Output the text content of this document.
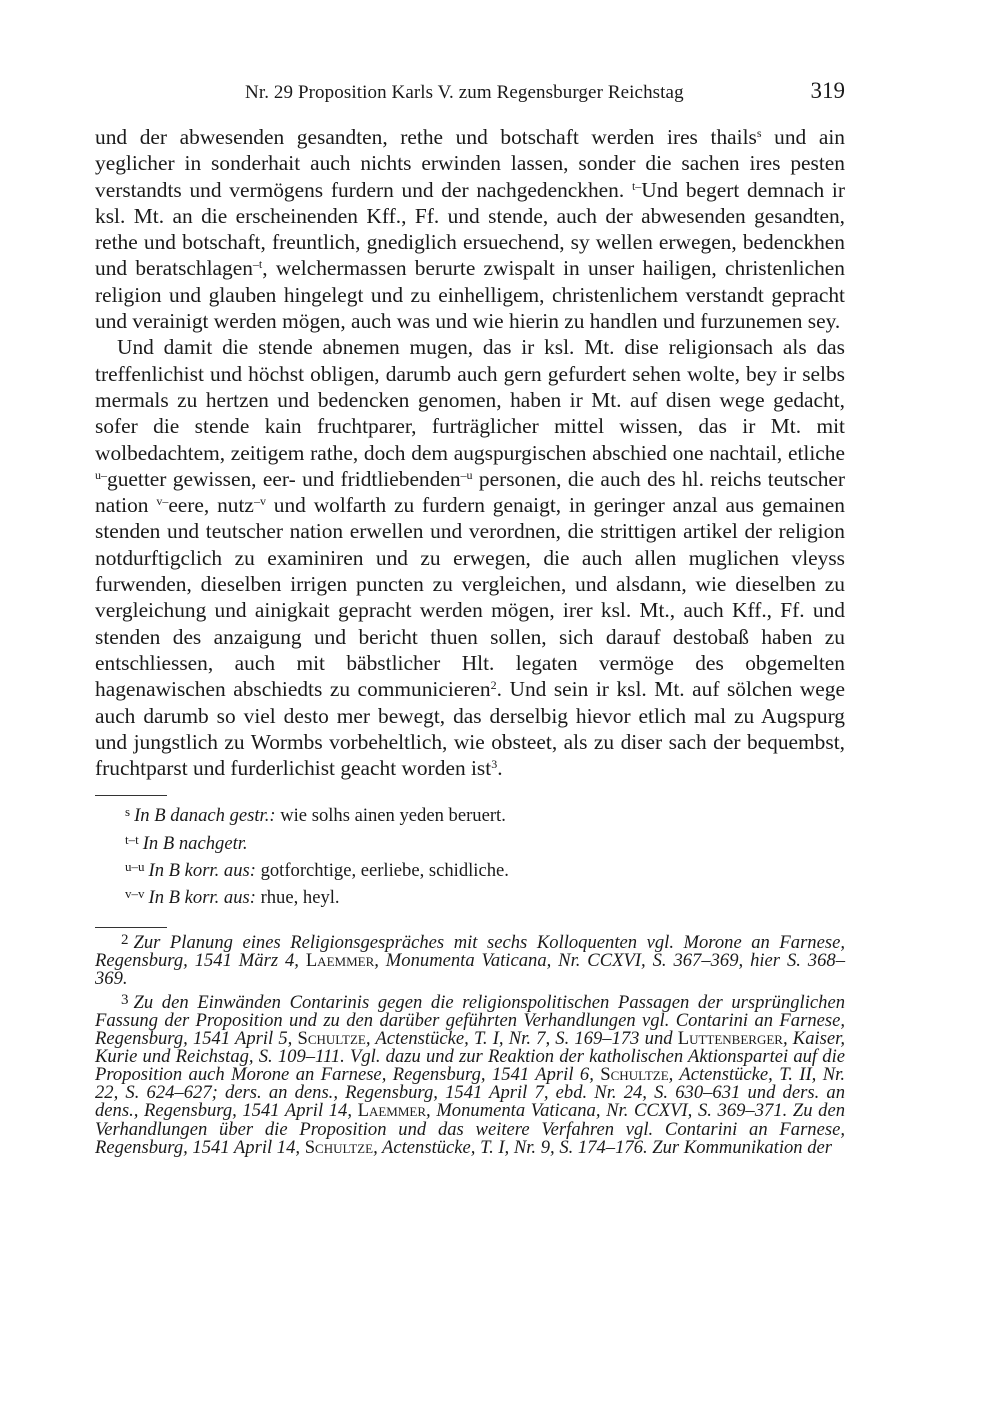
Nr. 29 Proposition Karls V. zum Regensburger Reichstag	319

und der abwesenden gesandten, rethe und botschaft werden ires thails$^s$ und ain yeglicher in sonderhait auch nichts erwinden lassen, sonder die sachen ires pesten verstandts und vermögens furdern und der nachgedenckhen. $^{t-}$Und begert demnach ir ksl. Mt. an die erscheinenden Kff., Ff. und stende, auch der abwesenden gesandten, rethe und botschaft, freuntlich, gnediglich ersuechend, sy wellen erwegen, bedenckhen und beratschlagen$^{-t}$, welchermassen berurte zwispalt in unser hailigen, christenlichen religion und glauben hingelegt und zu einhelligem, christenlichem verstandt gepracht und verainigt werden mögen, auch was und wie hierin zu handlen und furzunemen sey.

Und damit die stende abnemen mugen, das ir ksl. Mt. dise religionsach als das treffenlichist und höchst obligen, darumb auch gern gefurdert sehen wolte, bey ir selbs mermals zu hertzen und bedencken genomen, haben ir Mt. auf disen wege gedacht, sofer die stende kain fruchtparer, furträglicher mittel wissen, das ir Mt. mit wolbedachtem, zeitigem rathe, doch dem augspurgischen abschied one nachtail, etliche $^{u-}$guetter gewissen, eer- und fridtliebenden$^{-u}$ personen, die auch des hl. reichs teutscher nation $^{v-}$eere, nutz$^{-v}$ und wolfarth zu furdern genaigt, in geringer anzal aus gemainen stenden und teutscher nation erwellen und verordnen, die strittigen artikel der religion notdurftigclich zu examiniren und zu erwegen, die auch allen muglichen vleyss furwenden, dieselben irrigen puncten zu vergleichen, und alsdann, wie dieselben zu vergleichung und ainigkait gepracht werden mögen, irer ksl. Mt., auch Kff., Ff. und stenden des anzaigung und bericht thuen sollen, sich darauf destobaß haben zu entschliessen, auch mit bäbstlicher Hlt. legaten vermöge des obgemelten hagenawischen abschiedts zu communicieren$^2$. Und sein ir ksl. Mt. auf sölchen wege auch darumb so viel desto mer bewegt, das derselbig hievor etlich mal zu Augspurg und jungstlich zu Wormbs vorbeheltlich, wie obsteet, als zu diser sach der bequembst, fruchtparst und furderlichist geacht worden ist$^3$.

$^s$ In B danach gestr.: wie solhs ainen yeden beruert.
$^{t-t}$ In B nachgetr.
$^{u-u}$ In B korr. aus: gotforchtige, eerliebe, schidliche.
$^{v-v}$ In B korr. aus: rhue, heyl.
$^2$ Zur Planung eines Religionsgespräches mit sechs Kolloquenten vgl. Morone an Farnese, Regensburg, 1541 März 4, Laemmer, Monumenta Vaticana, Nr. CCXVI, S. 367–369, hier S. 368–369.
$^3$ Zu den Einwänden Contarinis gegen die religionspolitischen Passagen der ursprünglichen Fassung der Proposition und zu den darüber geführten Verhandlungen vgl. Contarini an Farnese, Regensburg, 1541 April 5, Schultze, Actenstücke, T. I, Nr. 7, S. 169–173 und Luttenberger, Kaiser, Kurie und Reichstag, S. 109–111. Vgl. dazu und zur Reaktion der katholischen Aktionspartei auf die Proposition auch Morone an Farnese, Regensburg, 1541 April 6, Schultze, Actenstücke, T. II, Nr. 22, S. 624–627; ders. an dens., Regensburg, 1541 April 7, ebd. Nr. 24, S. 630–631 und ders. an dens., Regensburg, 1541 April 14, Laemmer, Monumenta Vaticana, Nr. CCXVI, S. 369–371. Zu den Verhandlungen über die Proposition und das weitere Verfahren vgl. Contarini an Farnese, Regensburg, 1541 April 14, Schultze, Actenstücke, T. I, Nr. 9, S. 174–176. Zur Kommunikation der
